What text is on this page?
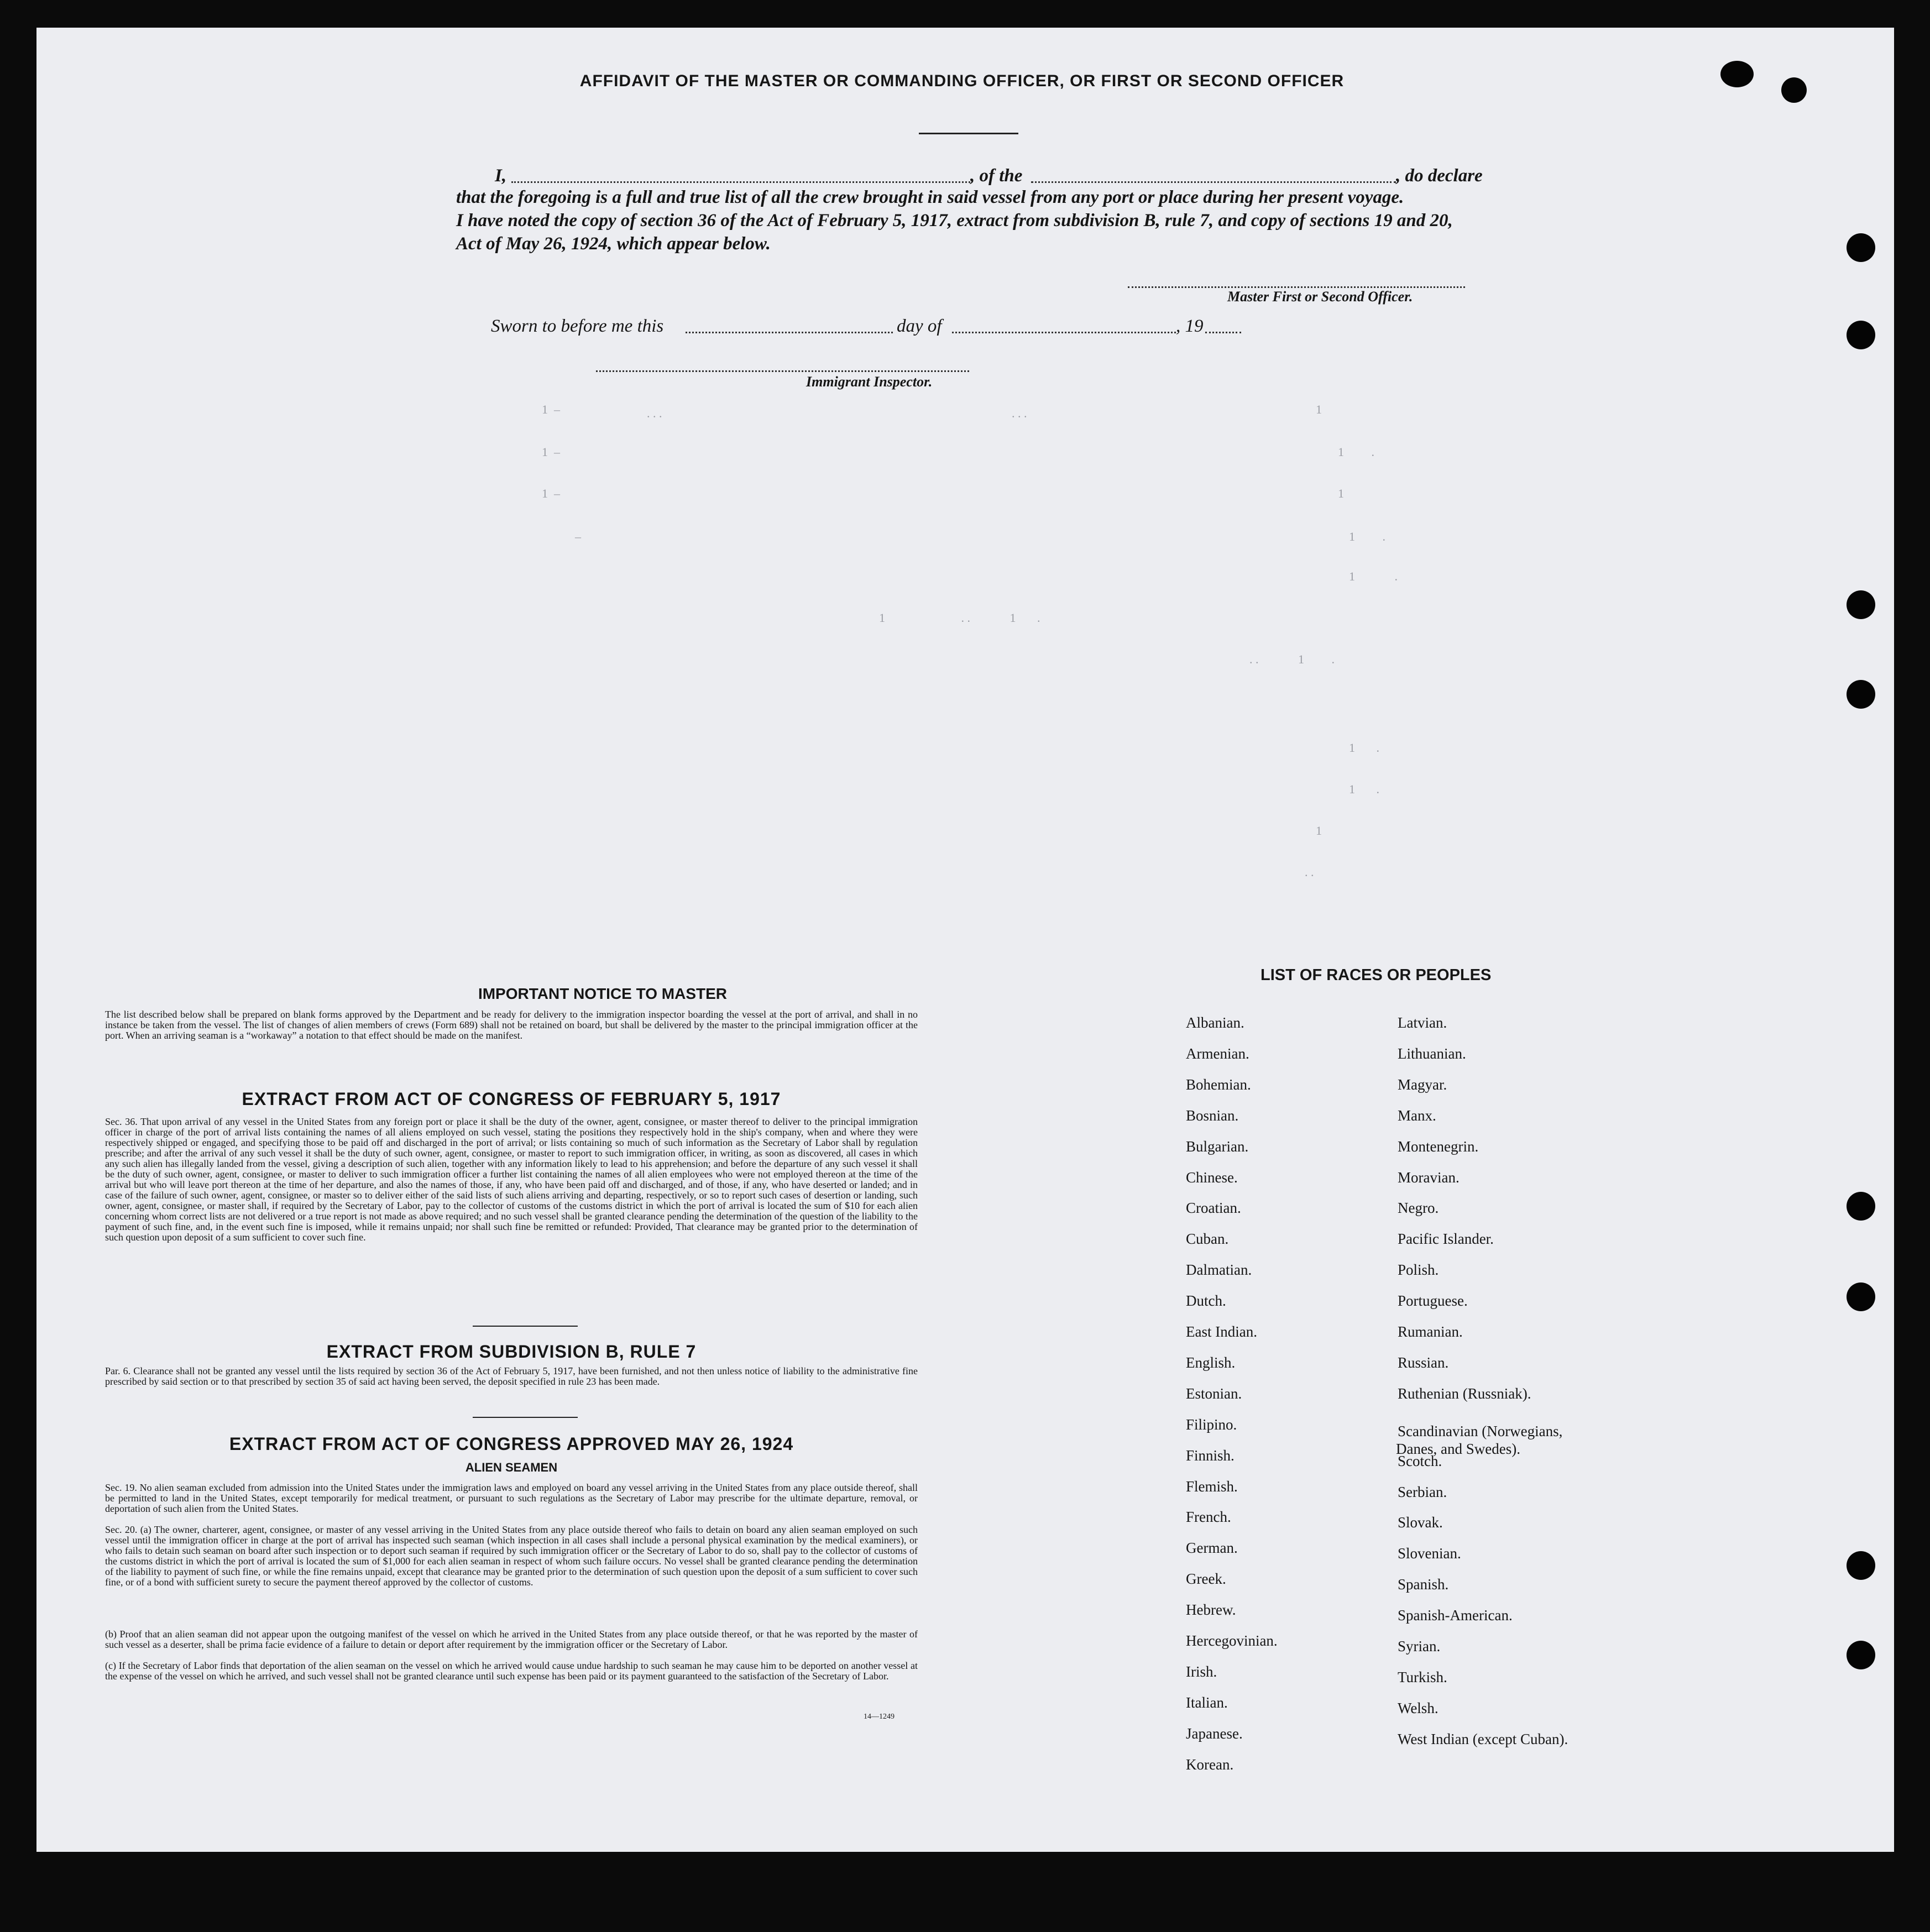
AFFIDAVIT OF THE MASTER OR COMMANDING OFFICER, OR FIRST OR SECOND OFFICER
I,	, of the	, do declare
that the foregoing is a full and true list of all the crew brought in said vessel from any port or place during her present voyage.
I have noted the copy of section 36 of the Act of February 5, 1917, extract from subdivision B, rule 7, and copy of sections 19 and 20,
Act of May 26, 1924, which appear below.
Master First or Second Officer.
Sworn to before me this	day of	, 19
Immigrant Inspector.
1  –	. . .	. . .	1
1  –	1         .
1  –	1
–	1         .
1             .
1                         . .             1       .
. .             1         .
1       .
1       .
1
. .
IMPORTANT NOTICE TO MASTER
The list described below shall be prepared on blank forms approved by the Department and be ready for delivery to the immigration inspector boarding the vessel at the port of arrival, and shall in no instance be taken from the vessel. The list of changes of alien members of crews (Form 689) shall not be retained on board, but shall be delivered by the master to the principal immigration officer at the port. When an arriving seaman is a “workaway” a notation to that effect should be made on the manifest.
EXTRACT FROM ACT OF CONGRESS OF FEBRUARY 5, 1917
Sec. 36. That upon arrival of any vessel in the United States from any foreign port or place it shall be the duty of the owner, agent, consignee, or master thereof to deliver to the principal immigration officer in charge of the port of arrival lists containing the names of all aliens employed on such vessel, stating the positions they respectively hold in the ship's company, when and where they were respectively shipped or engaged, and specifying those to be paid off and discharged in the port of arrival; or lists containing so much of such information as the Secretary of Labor shall by regulation prescribe; and after the arrival of any such vessel it shall be the duty of such owner, agent, consignee, or master to report to such immigration officer, in writing, as soon as discovered, all cases in which any such alien has illegally landed from the vessel, giving a description of such alien, together with any information likely to lead to his apprehension; and before the departure of any such vessel it shall be the duty of such owner, agent, consignee, or master to deliver to such immigration officer a further list containing the names of all alien employees who were not employed thereon at the time of the arrival but who will leave port thereon at the time of her departure, and also the names of those, if any, who have been paid off and discharged, and of those, if any, who have deserted or landed; and in case of the failure of such owner, agent, consignee, or master so to deliver either of the said lists of such aliens arriving and departing, respectively, or so to report such cases of desertion or landing, such owner, agent, consignee, or master shall, if required by the Secretary of Labor, pay to the collector of customs of the customs district in which the port of arrival is located the sum of $10 for each alien concerning whom correct lists are not delivered or a true report is not made as above required; and no such vessel shall be granted clearance pending the determination of the question of the liability to the payment of such fine, and, in the event such fine is imposed, while it remains unpaid; nor shall such fine be remitted or refunded: Provided, That clearance may be granted prior to the determination of such question upon deposit of a sum sufficient to cover such fine.
EXTRACT FROM SUBDIVISION B, RULE 7
Par. 6. Clearance shall not be granted any vessel until the lists required by section 36 of the Act of February 5, 1917, have been furnished, and not then unless notice of liability to the administrative fine prescribed by said section or to that prescribed by section 35 of said act having been served, the deposit specified in rule 23 has been made.
EXTRACT FROM ACT OF CONGRESS APPROVED MAY 26, 1924
ALIEN SEAMEN
Sec. 19. No alien seaman excluded from admission into the United States under the immigration laws and employed on board any vessel arriving in the United States from any place outside thereof, shall be permitted to land in the United States, except temporarily for medical treatment, or pursuant to such regulations as the Secretary of Labor may prescribe for the ultimate departure, removal, or deportation of such alien from the United States.
Sec. 20. (a) The owner, charterer, agent, consignee, or master of any vessel arriving in the United States from any place outside thereof who fails to detain on board any alien seaman employed on such vessel until the immigration officer in charge at the port of arrival has inspected such seaman (which inspection in all cases shall include a personal physical examination by the medical examiners), or who fails to detain such seaman on board after such inspection or to deport such seaman if required by such immigration officer or the Secretary of Labor to do so, shall pay to the collector of customs of the customs district in which the port of arrival is located the sum of $1,000 for each alien seaman in respect of whom such failure occurs. No vessel shall be granted clearance pending the determination of the liability to payment of such fine, or while the fine remains unpaid, except that clearance may be granted prior to the determination of such question upon the deposit of a sum sufficient to cover such fine, or of a bond with sufficient surety to secure the payment thereof approved by the collector of customs.
(b) Proof that an alien seaman did not appear upon the outgoing manifest of the vessel on which he arrived in the United States from any place outside thereof, or that he was reported by the master of such vessel as a deserter, shall be prima facie evidence of a failure to detain or deport after requirement by the immigration officer or the Secretary of Labor.
(c) If the Secretary of Labor finds that deportation of the alien seaman on the vessel on which he arrived would cause undue hardship to such seaman he may cause him to be deported on another vessel at the expense of the vessel on which he arrived, and such vessel shall not be granted clearance until such expense has been paid or its payment guaranteed to the satisfaction of the Secretary of Labor.
14—1249
LIST OF RACES OR PEOPLES
Albanian.
Armenian.
Bohemian.
Bosnian.
Bulgarian.
Chinese.
Croatian.
Cuban.
Dalmatian.
Dutch.
East Indian.
English.
Estonian.
Filipino.
Finnish.
Flemish.
French.
German.
Greek.
Hebrew.
Hercegovinian.
Irish.
Italian.
Japanese.
Korean.
Latvian.
Lithuanian.
Magyar.
Manx.
Montenegrin.
Moravian.
Negro.
Pacific Islander.
Polish.
Portuguese.
Rumanian.
Russian.
Ruthenian (Russniak).
Scandinavian (Norwegians,
Danes, and Swedes).
Scotch.
Serbian.
Slovak.
Slovenian.
Spanish.
Spanish-American.
Syrian.
Turkish.
Welsh.
West Indian (except Cuban).
